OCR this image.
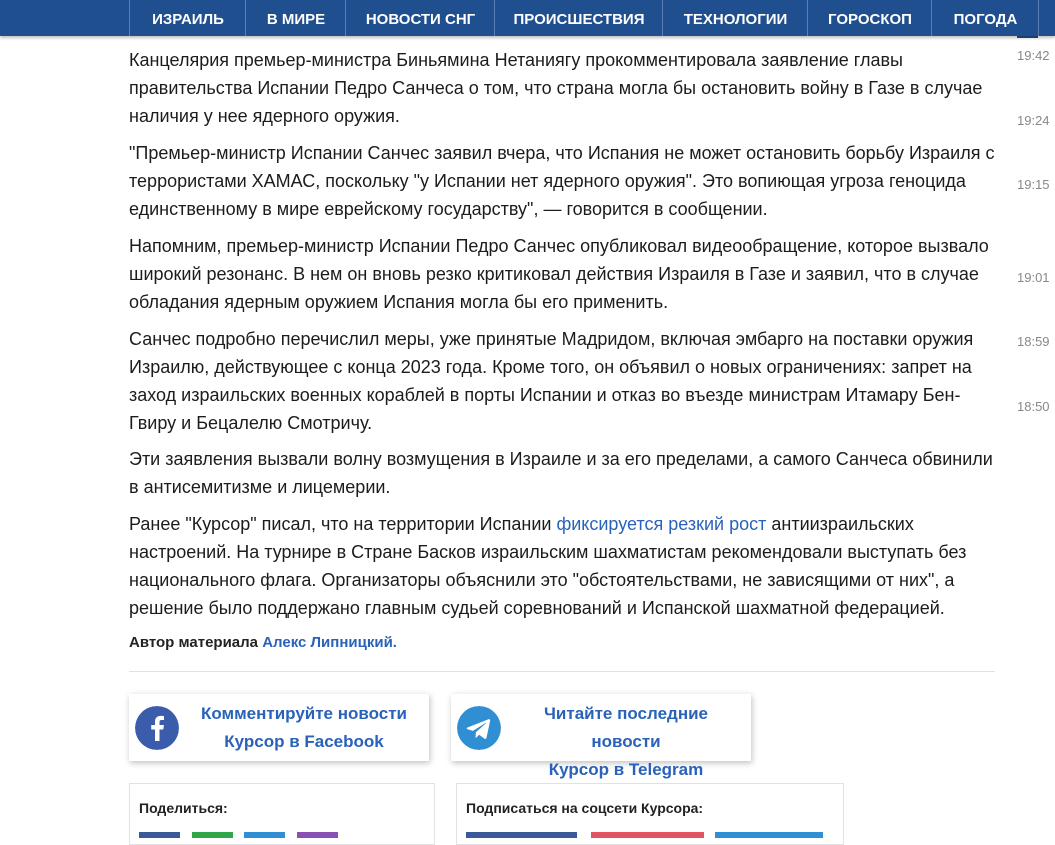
ИЗРАИЛЬ	В МИРЕ	НОВОСТИ СНГ	ПРОИСШЕСТВИЯ	ТЕХНОЛОГИИ	ГОРОСКОП	ПОГОДА
19:42
19:24
19:15
19:01
18:59
18:50

Канцелярия премьер-министра Биньямина Нетаниягу прокомментировала заявление главы правительства Испании Педро Санчеса о том, что страна могла бы остановить войну в Газе в случае наличия у нее ядерного оружия.

"Премьер-министр Испании Санчес заявил вчера, что Испания не может остановить борьбу Израиля с террористами ХАМАС, поскольку "у Испании нет ядерного оружия". Это вопиющая угроза геноцида единственному в мире еврейскому государству", — говорится в сообщении.

Напомним, премьер-министр Испании Педро Санчес опубликовал видеообращение, которое вызвало широкий резонанс. В нем он вновь резко критиковал действия Израиля в Газе и заявил, что в случае обладания ядерным оружием Испания могла бы его применить.

Санчес подробно перечислил меры, уже принятые Мадридом, включая эмбарго на поставки оружия Израилю, действующее с конца 2023 года. Кроме того, он объявил о новых ограничениях: запрет на заход израильских военных кораблей в порты Испании и отказ во въезде министрам Итамару Бен-Гвиру и Бецалелю Смотричу.

Эти заявления вызвали волну возмущения в Израиле и за его пределами, а самого Санчеса обвинили в антисемитизме и лицемерии.

Ранее "Курсор" писал, что на территории Испании фиксируется резкий рост антиизраильских настроений. На турнире в Стране Басков израильским шахматистам рекомендовали выступать без национального флага. Организаторы объяснили это "обстоятельствами, не зависящими от них", а решение было поддержано главным судьей соревнований и Испанской шахматной федерацией.

Автор материала Алекс Липницкий.
Комментируйте новости
Курсор в Facebook
Читайте последние новости
Курсор в Telegram
Поделиться:	Подписаться на соцсети Курсора:
